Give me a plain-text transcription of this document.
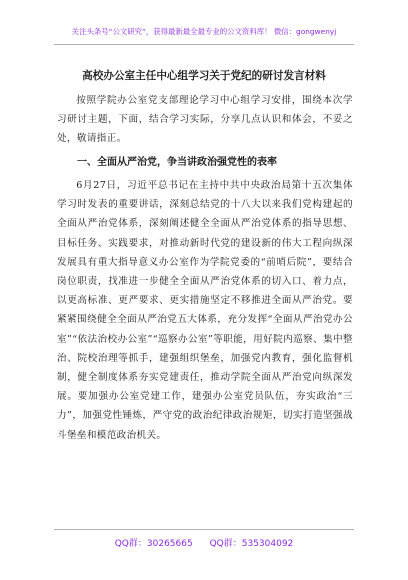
关注头条号“公文研究”，获得最新最全最专业的公文资料库！ 微信：gongwenyj
高校办公室主任中心组学习关于党纪的研讨发言材料

按照学院办公室党支部理论学习中心组学习安排，围绕本次学习研讨主题，下面，结合学习实际，分享几点认识和体会，不妥之处，敬请指正。

一、全面从严治党，争当讲政治强党性的表率

6月27日，习近平总书记在主持中共中央政治局第十五次集体学习时发表的重要讲话，深刻总结党的十八大以来我们党构建起的全面从严治党体系，深刻阐述健全全面从严治党体系的指导思想、目标任务、实践要求，对推动新时代党的建设新的伟大工程向纵深发展具有重大指导意义办公室作为学院党委的“前哨后院”，要结合岗位职责，找准进一步健全全面从严治党体系的切入口、着力点，以更高标准、更严要求、更实措施坚定不移推进全面从严治党。要紧紧围绕健全全面从严治党五大体系，充分发挥“全面从严治党办公室”“依法治校办公室”“巡察办公室”等职能，用好院内巡察、集中整治、院校治理等抓手，建强组织堡垒，加强党内教育，强化监督机制，健全制度体系夯实党建责任，推动学院全面从严治党向纵深发展。要加强办公室党建工作，建强办公室党员队伍，夯实政治“三力”，加强党性锤炼，严守党的政治纪律政治规矩，切实打造坚强战斗堡垒和模范政治机关。

QQ群：30265665 QQ群：535304092
